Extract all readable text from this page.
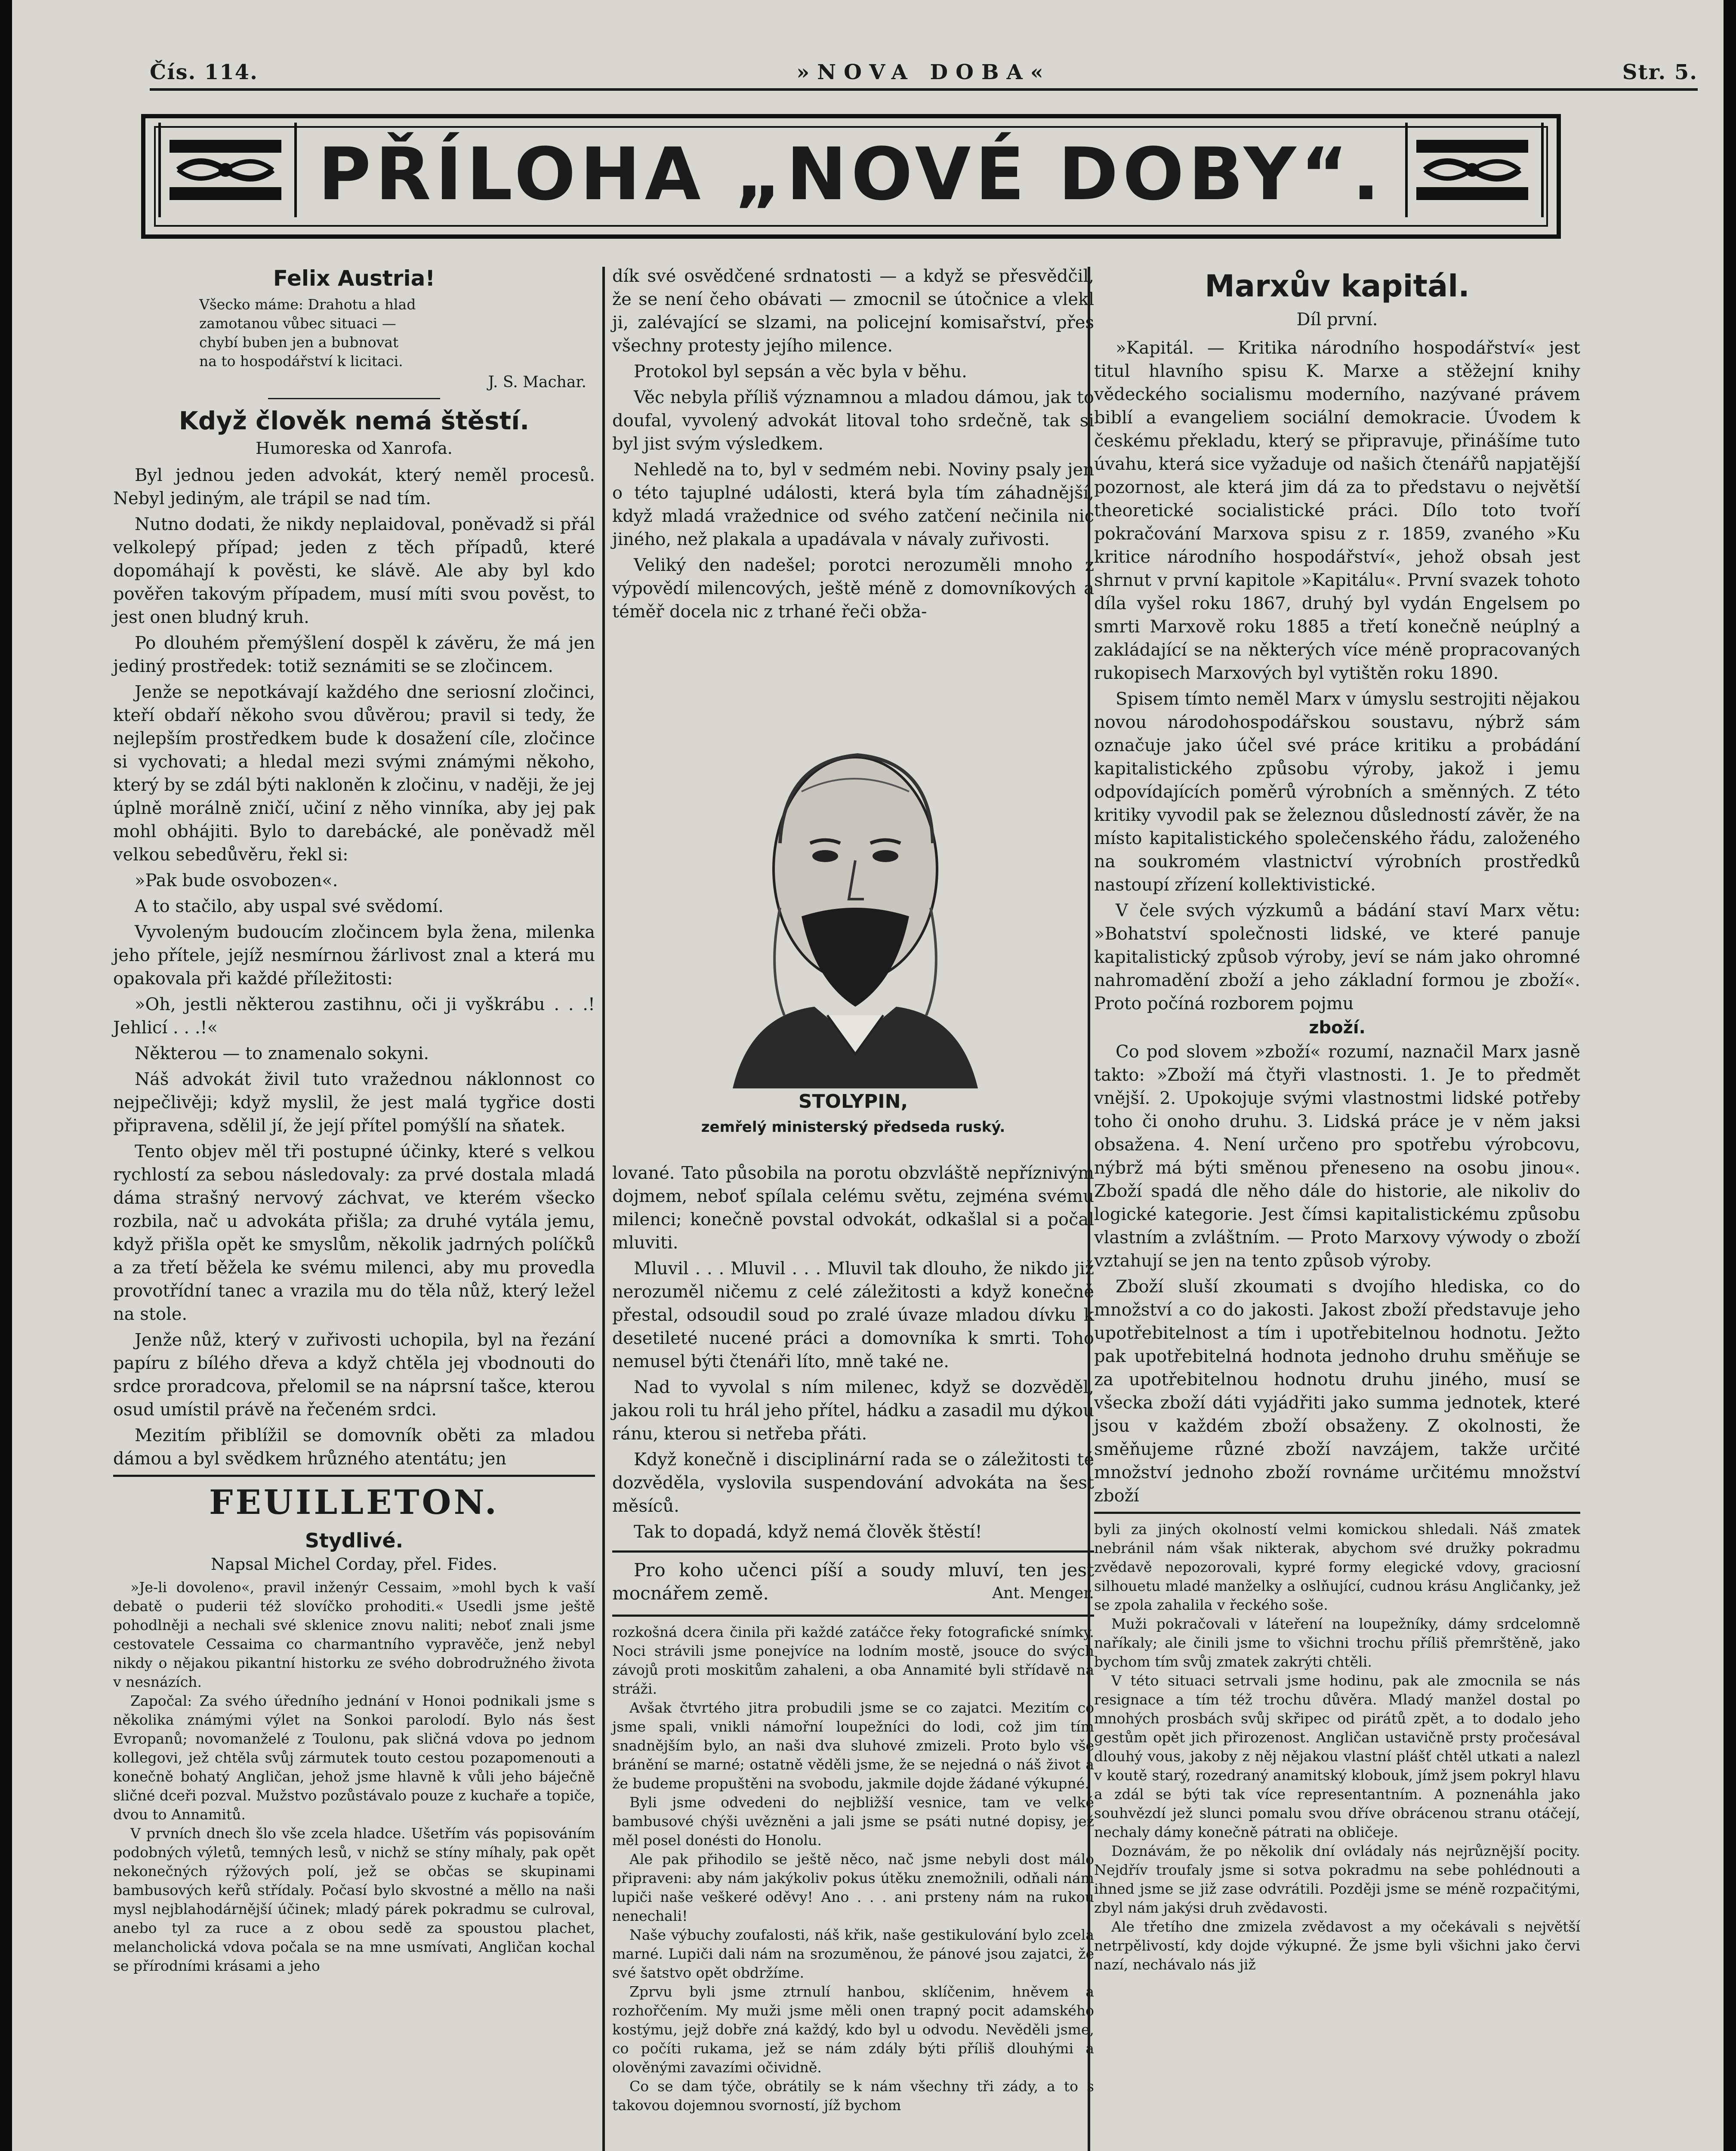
Čís. 114.	»NOVA DOBA«	Str. 5.
PŘÍLOHA „NOVÉ DOBY“.
Felix Austria!
Všecko máme: Drahotu a hlad
zamotanou vůbec situaci —
chybí buben jen a bubnovat
na to hospodářství k licitaci.
J. S. Machar.
Když člověk nemá štěstí.
Humoreska od Xanrofa.

Byl jednou jeden advokát, který neměl procesů. Nebyl jediným, ale trápil se nad tím.

Nutno dodati, že nikdy neplaidoval, poněvadž si přál velkolepý případ; jeden z těch případů, které dopomáhají k pověsti, ke slávě. Ale aby byl kdo pověřen takovým případem, musí míti svou pověst, to jest onen bludný kruh.

Po dlouhém přemýšlení dospěl k závěru, že má jen jediný prostředek: totiž seznámiti se se zločincem.

Jenže se nepotkávají každého dne seriosní zločinci, kteří obdaří někoho svou důvěrou; pravil si tedy, že nejlepším prostředkem bude k dosažení cíle, zločince si vychovati; a hledal mezi svými známými někoho, který by se zdál býti nakloněn k zločinu, v naději, že jej úplně morálně zničí, učiní z něho vinníka, aby jej pak mohl obhájiti. Bylo to darebácké, ale poněvadž měl velkou sebedůvěru, řekl si:

»Pak bude osvobozen«.

A to stačilo, aby uspal své svědomí.

Vyvoleným budoucím zločincem byla žena, milenka jeho přítele, jejíž nesmírnou žárlivost znal a která mu opakovala při každé příležitosti:

»Oh, jestli některou zastihnu, oči ji vyškrábu . . .! Jehlicí . . .!«

Některou — to znamenalo sokyni.

Náš advokát živil tuto vražednou náklonnost co nejpečlivěji; když myslil, že jest malá tygřice dosti připravena, sdělil jí, že její přítel pomýšlí na sňatek.

Tento objev měl tři postupné účinky, které s velkou rychlostí za sebou následovaly: za prvé dostala mladá dáma strašný nervový záchvat, ve kterém všecko rozbila, nač u advokáta přišla; za druhé vytála jemu, když přišla opět ke smyslům, několik jadrných políčků a za třetí běžela ke svému milenci, aby mu provedla provotřídní tanec a vrazila mu do těla nůž, který ležel na stole.

Jenže nůž, který v zuřivosti uchopila, byl na řezání papíru z bílého dřeva a když chtěla jej vbodnouti do srdce proradcova, přelomil se na náprsní tašce, kterou osud umístil právě na řečeném srdci.

Mezitím přiblížil se domovník oběti za mladou dámou a byl svědkem hrůzného atentátu; jen

FEUILLETON.
Stydlivé.
Napsal Michel Corday, přel. Fides.

»Je-li dovoleno«, pravil inženýr Cessaim, »mohl bych k vaší debatě o puderii též slovíčko prohoditi.« Usedli jsme ještě pohodlněji a nechali své sklenice znovu naliti; neboť znali jsme cestovatele Cessaima co charmantního vypravěče, jenž nebyl nikdy o nějakou pikantní historku ze svého dobrodružného života v nesnázích.

Započal: Za svého úředního jednání v Honoi podnikali jsme s několika známými výlet na Sonkoi parolodí. Bylo nás šest Evropanů; novomanželé z Toulonu, pak sličná vdova po jednom kollegovi, jež chtěla svůj zármutek touto cestou pozapomenouti a konečně bohatý Angličan, jehož jsme hlavně k vůli jeho báječně sličné dceři pozval. Mužstvo pozůstávalo pouze z kuchaře a topiče, dvou to Annamitů.

V prvních dnech šlo vše zcela hladce. Ušetřím vás popisováním podobných výletů, temných lesů, v nichž se stíny míhaly, pak opět nekonečných rýžových polí, jež se občas se skupinami bambusových keřů střídaly. Počasí bylo skvostné a měllo na naši mysl nejblahodárnější účinek; mladý párek pokradmu se culroval, anebo tyl za ruce a z obou sedě za spoustou plachet, melancholická vdova počala se na mne usmívati, Angličan kochal se přírodními krásami a jeho

dík své osvědčené srdnatosti — a když se přesvědčil, že se není čeho obávati — zmocnil se útočnice a vlekl ji, zalévající se slzami, na policejní komisařství, přes všechny protesty jejího milence.

Protokol byl sepsán a věc byla v běhu.

Věc nebyla příliš významnou a mladou dámou, jak to doufal, vyvolený advokát litoval toho srdečně, tak si byl jist svým výsledkem.

Nehledě na to, byl v sedmém nebi. Noviny psaly jen o této tajuplné události, která byla tím záhadnější, když mladá vražednice od svého zatčení nečinila nic jiného, než plakala a upadávala v návaly zuřivosti.

Veliký den nadešel; porotci nerozuměli mnoho z výpovědí milencových, ještě méně z domovníkových a téměř docela nic z trhané řeči obža-

STOLYPIN,
zemřelý ministerský předseda ruský.

lované. Tato působila na porotu obzvláště nepříznivým dojmem, neboť spílala celému světu, zejména svému milenci; konečně povstal odvokát, odkašlal si a počal mluviti.

Mluvil . . . Mluvil . . . Mluvil tak dlouho, že nikdo již nerozuměl ničemu z celé záležitosti a když konečně přestal, odsoudil soud po zralé úvaze mladou dívku k desetileté nucené práci a domovníka k smrti. Toho nemusel býti čtenáři líto, mně také ne.

Nad to vyvolal s ním milenec, když se dozvěděl, jakou roli tu hrál jeho přítel, hádku a zasadil mu dýkou ránu, kterou si netřeba přáti.

Když konečně i disciplinární rada se o záležitosti té dozvěděla, vyslovila suspendování advokáta na šest měsíců.

Tak to dopadá, když nemá člověk štěstí!

Pro koho učenci píší a soudy mluví, ten jest mocnářem země.	Ant. Menger.

rozkošná dcera činila při každé zatáčce řeky fotografické snímky. Noci strávili jsme ponejvíce na lodním mostě, jsouce do svých závojů proti moskitům zahaleni, a oba Annamité byli střídavě na stráži.

Avšak čtvrtého jitra probudili jsme se co zajatci. Mezitím co jsme spali, vnikli námořní loupežníci do lodi, což jim tím snadnějším bylo, an naši dva sluhové zmizeli. Proto bylo vše bránění se marné; ostatně věděli jsme, že se nejedná o náš život a že budeme propuštěni na svobodu, jakmile dojde žádané výkupné.

Byli jsme odvedeni do nejbližší vesnice, tam ve velké bambusové chýši uvězněni a jali jsme se psáti nutné dopisy, jež měl posel donésti do Honolu.

Ale pak přihodilo se ještě něco, nač jsme nebyli dost málo připraveni: aby nám jakýkoliv pokus útěku znemožnili, odňali nám lupiči naše veškeré oděvy! Ano . . . ani prsteny nám na rukou nenechali!

Naše výbuchy zoufalosti, náš křik, naše gestikulování bylo zcela marné. Lupiči dali nám na srozuměnou, že pánové jsou zajatci, že své šatstvo opět obdržíme.

Zprvu byli jsme ztrnulí hanbou, sklíčenim, hněvem a rozhořčením. My muži jsme měli onen trapný pocit adamského kostýmu, jejž dobře zná každý, kdo byl u odvodu. Nevěděli jsme, co počíti rukama, jež se nám zdály býti příliš dlouhými a olověnými zavazími očividně.

Co se dam týče, obrátily se k nám všechny tři zády, a to s takovou dojemnou svorností, jíž bychom

Marxův kapitál.
Díl první.

»Kapitál. — Kritika národního hospodářství« jest titul hlavního spisu K. Marxe a stěžejní knihy vědeckého socialismu moderního, nazývané právem biblí a evangeliem sociální demokracie. Úvodem k českému překladu, který se připravuje, přinášíme tuto úvahu, která sice vyžaduje od našich čtenářů napjatější pozornost, ale která jim dá za to představu o největší theoretické socialistické práci. Dílo toto tvoří pokračování Marxova spisu z r. 1859, zvaného »Ku kritice národního hospodářství«, jehož obsah jest shrnut v první kapitole »Kapitálu«. První svazek tohoto díla vyšel roku 1867, druhý byl vydán Engelsem po smrti Marxově roku 1885 a třetí konečně neúplný a zakládající se na některých více méně propracovaných rukopisech Marxových byl vytištěn roku 1890.

Spisem tímto neměl Marx v úmyslu sestrojiti nějakou novou národohospodářskou soustavu, nýbrž sám označuje jako účel své práce kritiku a probádání kapitalistického způsobu výroby, jakož i jemu odpovídajících poměrů výrobních a směnných. Z této kritiky vyvodil pak se železnou důsledností závěr, že na místo kapitalistického společenského řádu, založeného na soukromém vlastnictví výrobních prostředků nastoupí zřízení kollektivistické.

V čele svých výzkumů a bádání staví Marx větu: »Bohatství společnosti lidské, ve které panuje kapitalistický způsob výroby, jeví se nám jako ohromné nahromadění zboží a jeho základní formou je zboží«. Proto počíná rozborem pojmu

zboží.

Co pod slovem »zboží« rozumí, naznačil Marx jasně takto: »Zboží má čtyři vlastnosti. 1. Je to předmět vnější. 2. Upokojuje svými vlastnostmi lidské potřeby toho či onoho druhu. 3. Lidská práce je v něm jaksi obsažena. 4. Není určeno pro spotřebu výrobcovu, nýbrž má býti směnou přeneseno na osobu jinou«. Zboží spadá dle něho dále do historie, ale nikoliv do logické kategorie. Jest čímsi kapitalistickému způsobu vlastním a zvláštním. — Proto Marxovy výwody o zboží vztahují se jen na tento způsob výroby.

Zboží sluší zkoumati s dvojího hlediska, co do množství a co do jakosti. Jakost zboží představuje jeho upotřebitelnost a tím i upotřebitelnou hodnotu. Ježto pak upotřebitelná hodnota jednoho druhu směňuje se za upotřebitelnou hodnotu druhu jiného, musí se všecka zboží dáti vyjádřiti jako summa jednotek, které jsou v každém zboží obsaženy. Z okolnosti, že směňujeme různé zboží navzájem, takže určité množství jednoho zboží rovnáme určitému množství zboží

byli za jiných okolností velmi komickou shledali. Náš zmatek nebránil nám však nikterak, abychom své družky pokradmu zvědavě nepozorovali, kypré formy elegické vdovy, graciosní silhouetu mladé manželky a oslňující, cudnou krásu Angličanky, jež se zpola zahalila v řeckého soše.

Muži pokračovali v láteření na loupežníky, dámy srdcelomně naříkaly; ale činili jsme to všichni trochu příliš přemrštěně, jako bychom tím svůj zmatek zakrýti chtěli.

V této situaci setrvali jsme hodinu, pak ale zmocnila se nás resignace a tím též trochu důvěra. Mladý manžel dostal po mnohých prosbách svůj skřipec od pirátů zpět, a to dodalo jeho gestům opět jich přirozenost. Angličan ustavičně prsty pročesával dlouhý vous, jakoby z něj nějakou vlastní plášť chtěl utkati a nalezl v koutě starý, rozedraný anamitský klobouk, jímž jsem pokryl hlavu a zdál se býti tak více representantním. A poznenáhla jako souhvězdí jež slunci pomalu svou dříve obrácenou stranu otáčejí, nechaly dámy konečně pátrati na obličeje.

Doznávám, že po několik dní ovládaly nás nejrůznější pocity. Nejdřív troufaly jsme si sotva pokradmu na sebe pohlédnouti a ihned jsme se již zase odvrátili. Později jsme se méně rozpačitými, zbyl nám jakýsi druh zvědavosti.

Ale třetího dne zmizela zvědavost a my očekávali s největší netrpělivostí, kdy dojde výkupné. Že jsme byli všichni jako červi nazí, nechávalo nás již
